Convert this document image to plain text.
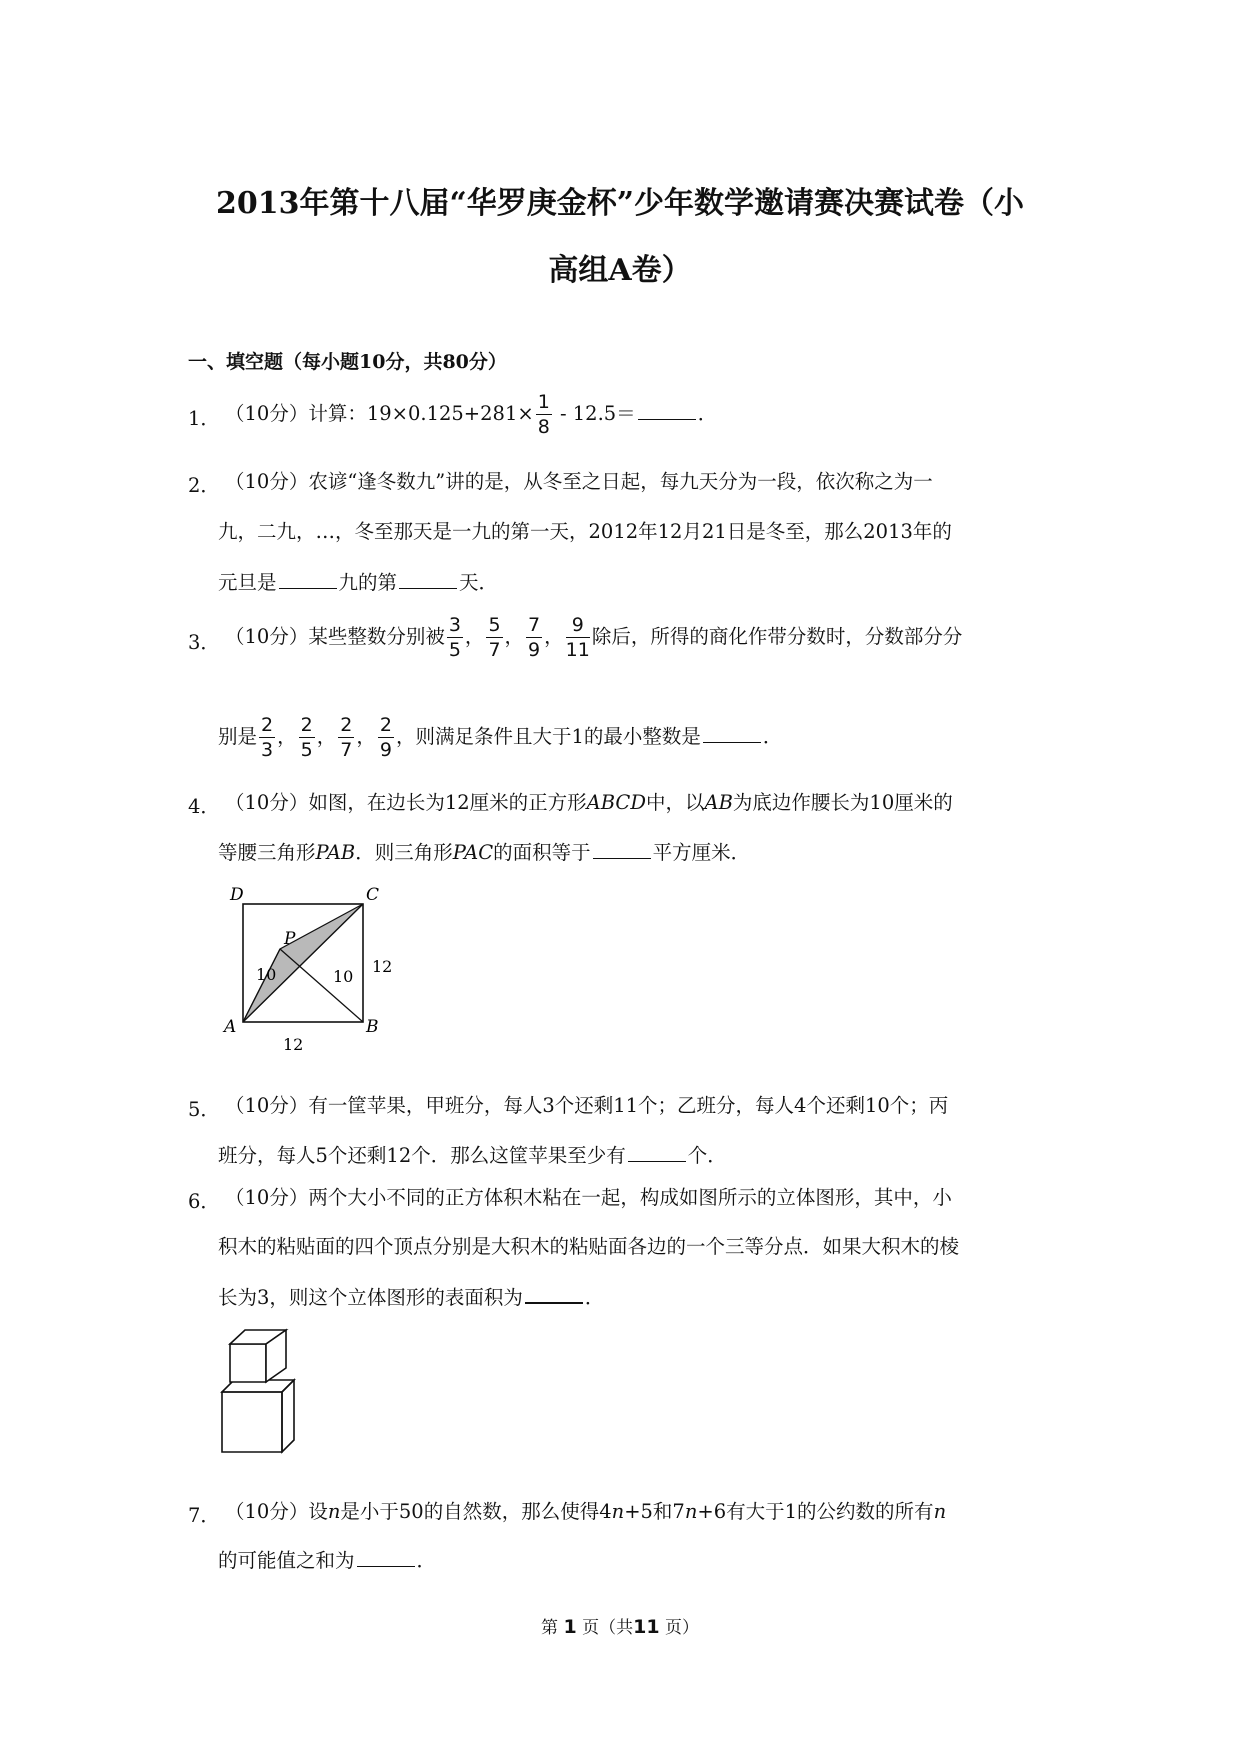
2013年第十八届“华罗庚金杯”少年数学邀请赛决赛试卷（小
高组A卷）
一、填空题（每小题10分，共80分）
1． （10分）计算：$19\times 0.125+281\times \frac{1}{8} - 12.5=$	．
2． （10分）农谚“逢冬数九”讲的是，从冬至之日起，每九天分为一段，依次称之为一
九，二九，…，冬至那天是一九的第一天，2012年12月21日是冬至，那么2013年的
元旦是	九的第	天．
3． （10分）某些整数分别被 $\frac{3}{5}$ ， $\frac{5}{7}$ ， $\frac{7}{9}$ ， $\frac{9}{11}$ 除后，所得的商化作带分数时，分数部分分
别是 $\frac{2}{3}$ ， $\frac{2}{5}$ ， $\frac{2}{7}$ ， $\frac{2}{9}$ ，则满足条件且大于1的最小整数是	．
4． （10分）如图，在边长为12厘米的正方形ABCD中，以AB为底边作腰长为10厘米的
等腰三角形PAB．则三角形PAC的面积等于	平方厘米．
D	C
A	B
P
10	10
12
12
5． （10分）有一筐苹果，甲班分，每人3个还剩11个；乙班分，每人4个还剩10个；丙
班分，每人5个还剩12个．那么这筐苹果至少有	个．
6． （10分）两个大小不同的正方体积木粘在一起，构成如图所示的立体图形，其中，小
积木的粘贴面的四个顶点分别是大积木的粘贴面各边的一个三等分点．如果大积木的棱
长为3，则这个立体图形的表面积为	．
7． （10分）设n是小于50的自然数，那么使得4n+5和7n+6有大于1的公约数的所有n
的可能值之和为	．
第 1 页（共11 页）
